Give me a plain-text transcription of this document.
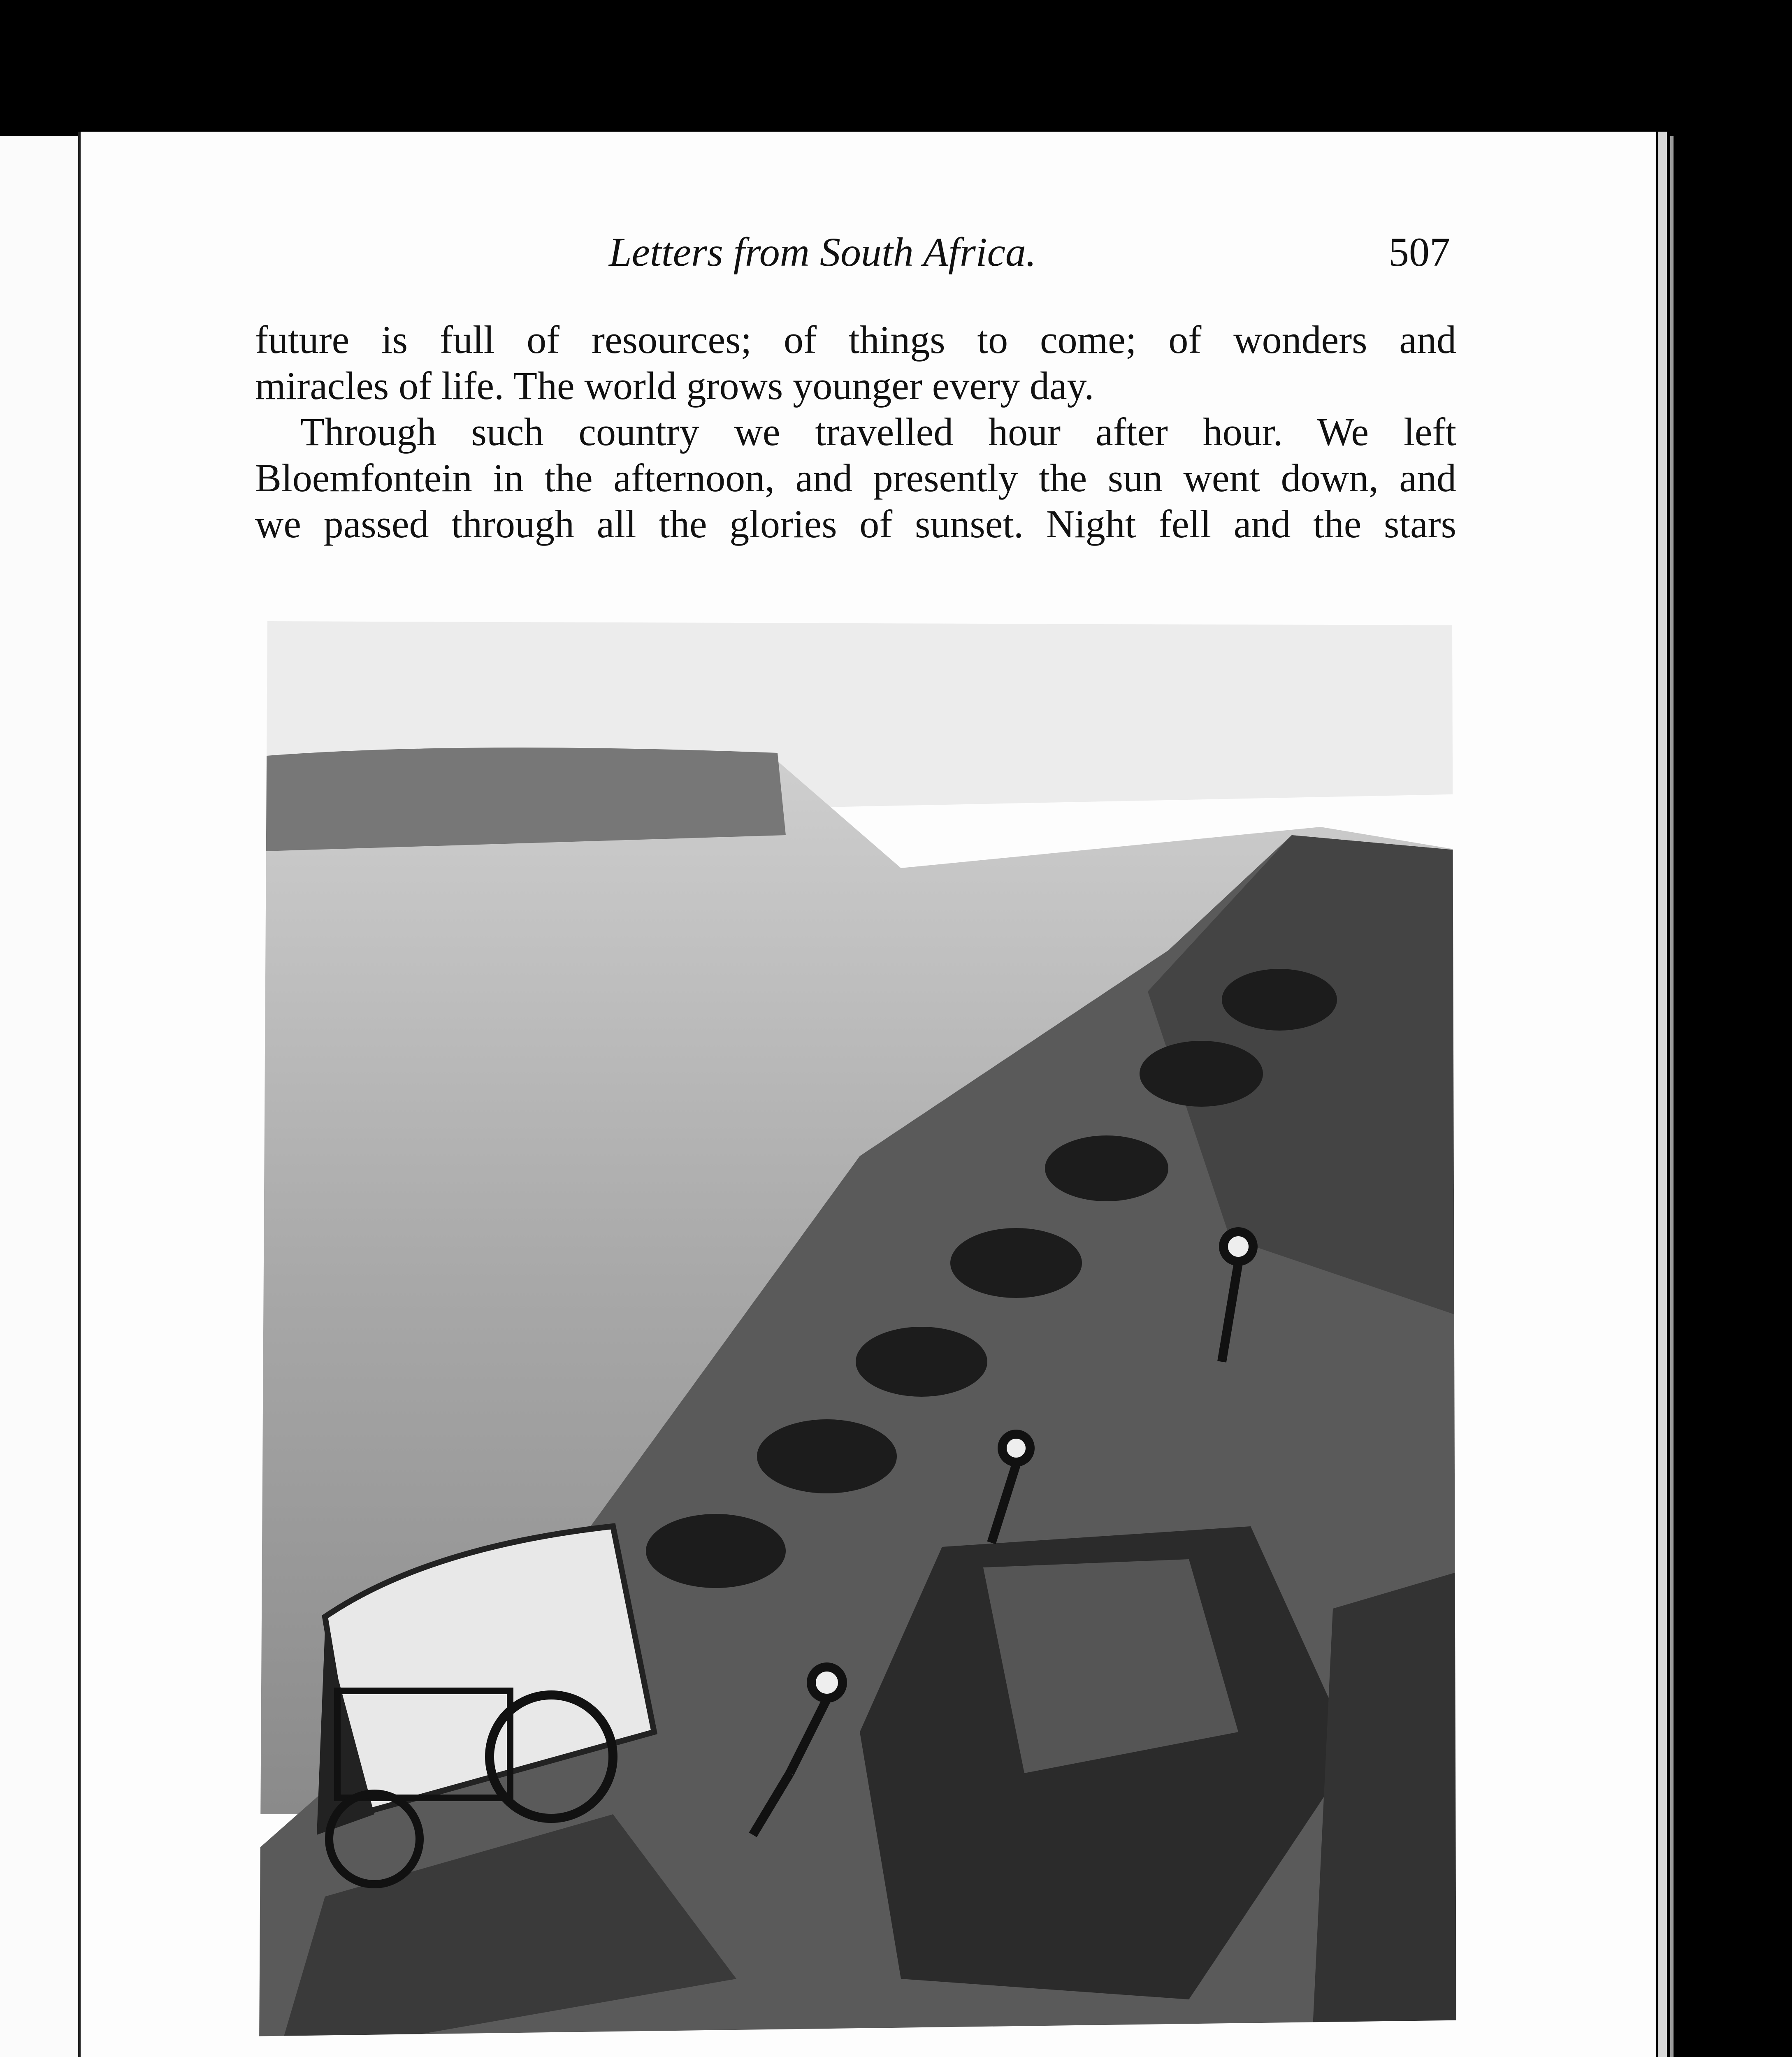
Letters from South Africa.	507
future is full of resources; of things to come; of wonders and
miracles of life. The world grows younger every day.
Through such country we travelled hour after hour. We left
Bloemfontein in the afternoon, and presently the sun went down, and
we passed through all the glories of sunset. Night fell and the stars
